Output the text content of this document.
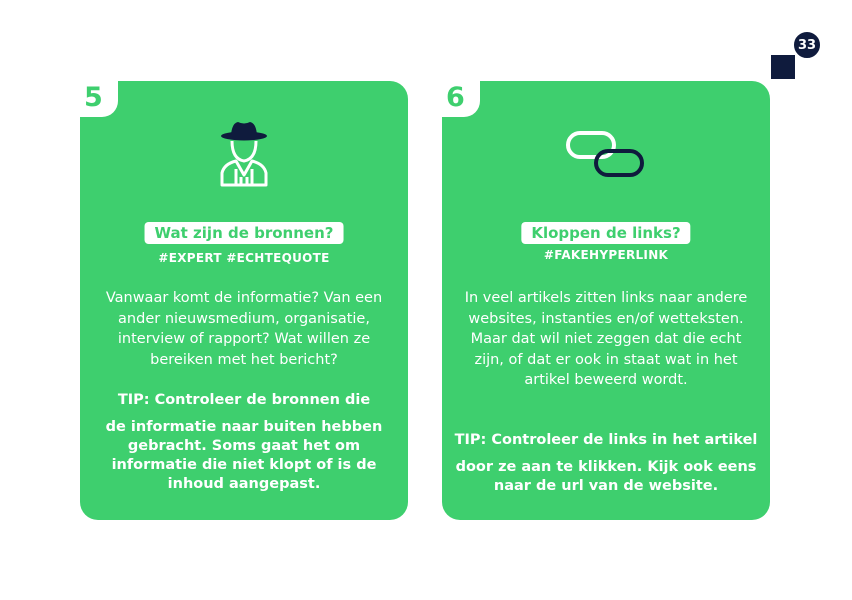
33
5
Wat zijn de bronnen?
#EXPERT #ECHTEQUOTE
Vanwaar komt de informatie? Van een ander nieuwsmedium, organisatie, interview of rapport? Wat willen ze bereiken met het bericht?
TIP: Controleer de bronnen die
de informatie naar buiten hebben gebracht. Soms gaat het om informatie die niet klopt of is de inhoud aangepast.
6
Kloppen de links?
#FAKEHYPERLINK
In veel artikels zitten links naar andere websites, instanties en/of wetteksten. Maar dat wil niet zeggen dat die echt zijn, of dat er ook in staat wat in het artikel beweerd wordt.
TIP: Controleer de links in het artikel
door ze aan te klikken. Kijk ook eens naar de url van de website.
